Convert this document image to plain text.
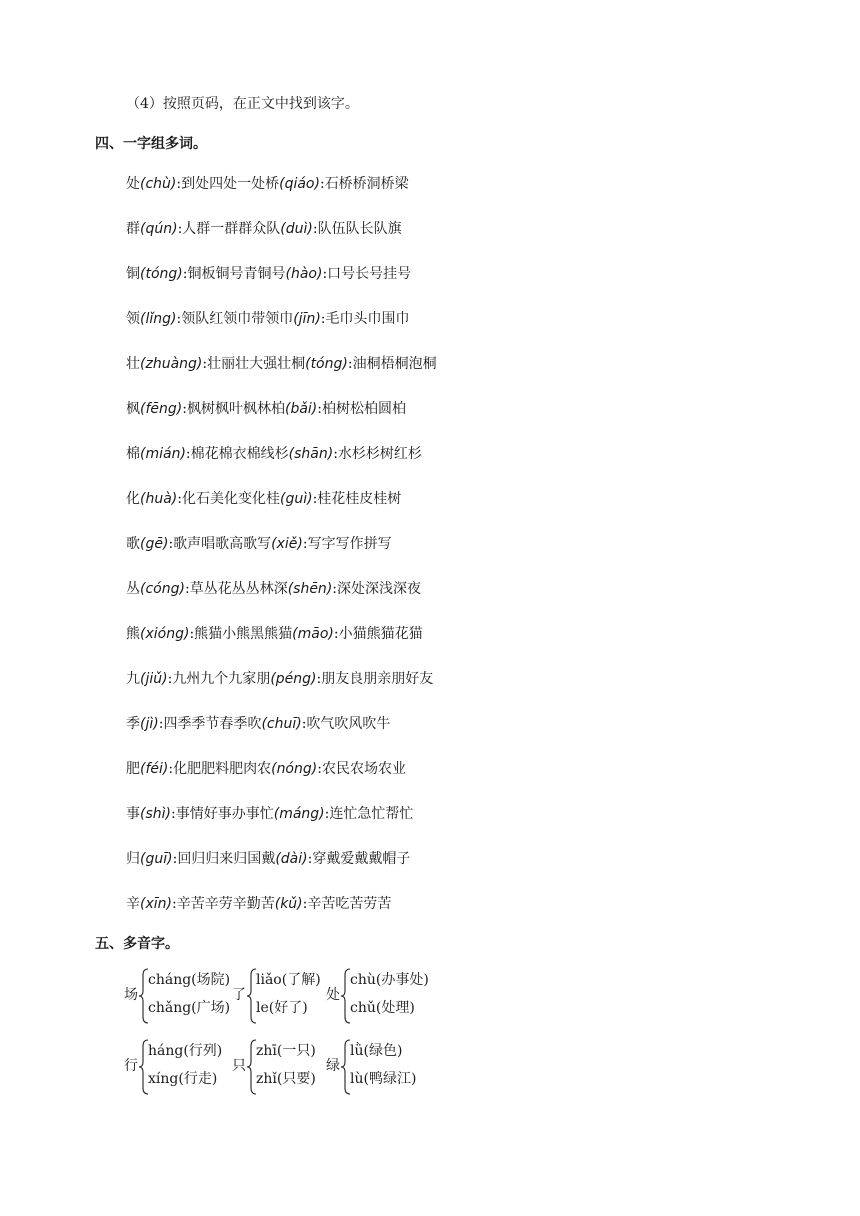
（4）按照页码，在正文中找到该字。
四、一字组多词。
处(chù):到处四处一处桥(qiáo):石桥桥洞桥梁
群(qún):人群一群群众队(duì):队伍队长队旗
铜(tóng):铜板铜号青铜号(hào):口号长号挂号
领(lǐng):领队红领巾带领巾(jīn):毛巾头巾围巾
壮(zhuàng):壮丽壮大强壮桐(tóng):油桐梧桐泡桐
枫(fēng):枫树枫叶枫林柏(bǎi):柏树松柏圆柏
棉(mián):棉花棉衣棉线杉(shān):水杉杉树红杉
化(huà):化石美化变化桂(guì):桂花桂皮桂树
歌(gē):歌声唱歌高歌写(xiě):写字写作拼写
丛(cóng):草丛花丛丛林深(shēn):深处深浅深夜
熊(xióng):熊猫小熊黑熊猫(māo):小猫熊猫花猫
九(jiǔ):九州九个九家朋(péng):朋友良朋亲朋好友
季(jì):四季季节春季吹(chuī):吹气吹风吹牛
肥(féi):化肥肥料肥肉农(nóng):农民农场农业
事(shì):事情好事办事忙(máng):连忙急忙帮忙
归(guī):回归归来归国戴(dài):穿戴爱戴戴帽子
辛(xīn):辛苦辛劳辛勤苦(kǔ):辛苦吃苦劳苦
五、多音字。
场
cháng(场院)
chǎng(广场)
了
liǎo(了解)
le(好了)
处
chù(办事处)
chǔ(处理)
行
háng(行列)
xíng(行走)
只
zhī(一只)
zhǐ(只要)
绿
lǜ(绿色)
lù(鸭绿江)
